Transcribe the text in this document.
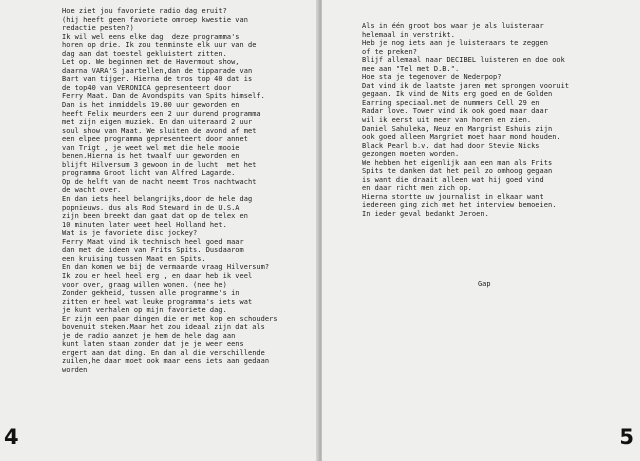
Hoe ziet jou favoriete radio dag eruit?
(hij heeft geen favoriete omroep kwestie van
redactie pesten?)
Ik wil wel eens elke dag  deze programma's
horen op drie. Ik zou tenminste elk uur van de
dag aan dat toestel gekluistert zitten.
Let op. We beginnen met de Havermout show,
daarna VARA'S jaartellen,dan de tipparade van
Bart van tijger. Hierna de tros top 40 dat is
de top40 van VERONICA gepresenteert door
Ferry Maat. Dan de Avondspits van Spits himself.
Dan is het inmiddels 19.00 uur geworden en
heeft Felix meurders een 2 uur durend programma
met zijn eigen muziek. En dan uiteraard 2 uur
soul show van Maat. We sluiten de avond af met
een elpee programma gepresenteert door annet
van Trigt , je weet wel met die hele mooie
benen.Hierna is het twaalf uur geworden en
blijft Hilversum 3 gewoon in de lucht  met het
programma Groot licht van Alfred Lagarde.
Op de helft van de nacht neemt Tros nachtwacht
de wacht over.
En dan iets heel belangrijks,door de hele dag
popnieuws. dus als Rod Steward in de U.S.A
zijn been breekt dan gaat dat op de telex en
10 minuten later weet heel Holland het.
Wat is je favoriete disc jockey?
Ferry Maat vind ik technisch heel goed maar
dan met de ideen van Frits Spits. Dusdaarom
een kruising tussen Maat en Spits.
En dan komen we bij de vermaarde vraag Hilversum?
Ik zou er heel heel erg , en daar heb ik veel
voor over, graag willen wonen. (nee he)
Zonder gekheid, tussen alle programme's in
zitten er heel wat leuke programma's iets wat
je kunt verhalen op mijn favoriete dag.
Er zijn een paar dingen die er met kop en schouders
bovenuit steken.Maar het zou ideaal zijn dat als
je de radio aanzet je hem de hele dag aan
kunt laten staan zonder dat je je weer eens
ergert aan dat ding. En dan al die verschillende
zuilen,he daar moet ook maar eens iets aan gedaan
worden
4
Als in één groot bos waar je als luisteraar
helemaal in verstrikt.
Heb je nog iets aan je luisteraars te zeggen
of te preken?
Blijf allemaal naar DECIBEL luisteren en doe ook
mee aan "Tel met D.B.".
Hoe sta je tegenover de Nederpop?
Dat vind ik de laatste jaren met sprongen vooruit
gegaan. Ik vind de Nits erg goed en de Golden
Earring speciaal.met de nummers Cell 29 en
Radar love. Tower vind ik ook goed maar daar
wil ik eerst uit meer van horen en zien.
Daniel Sahuleka, Neuz en Margrist Eshuis zijn
ook goed alleen Margriet moet haar mond houden.
Black Pearl b.v. dat had door Stevie Nicks
gezongen moeten worden.
We hebben het eigenlijk aan een man als Frits
Spits te danken dat het peil zo omhoog gegaan
is want die draait alleen wat hij goed vind
en daar richt men zich op.
Hierna stortte uw journalist in elkaar want
iedereen ging zich met het interview bemoeien.
In ieder geval bedankt Jeroen.
Gap
5
